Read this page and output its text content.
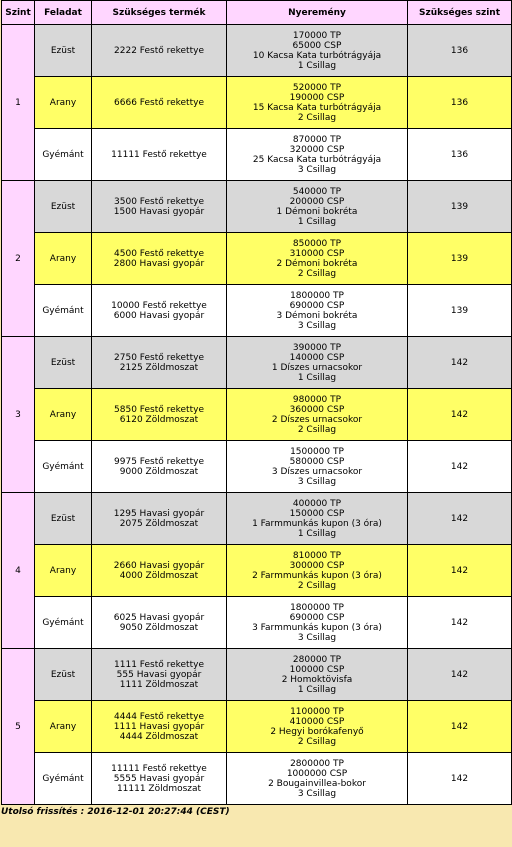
Szint	Feladat	Szükséges termék	Nyeremény	Szükséges szint
1	Ezüst	2222 Festő rekettye	170000 TP
65000 CSP
10 Kacsa Kata turbótrágyája
1 Csillag	136
	Arany	6666 Festő rekettye	520000 TP
190000 CSP
15 Kacsa Kata turbótrágyája
2 Csillag	136
	Gyémánt	11111 Festő rekettye	870000 TP
320000 CSP
25 Kacsa Kata turbótrágyája
3 Csillag	136
2	Ezüst	3500 Festő rekettye
1500 Havasi gyopár	540000 TP
200000 CSP
1 Démoni bokréta
1 Csillag	139
	Arany	4500 Festő rekettye
2800 Havasi gyopár	850000 TP
310000 CSP
2 Démoni bokréta
2 Csillag	139
	Gyémánt	10000 Festő rekettye
6000 Havasi gyopár	1800000 TP
690000 CSP
3 Démoni bokréta
3 Csillag	139
3	Ezüst	2750 Festő rekettye
2125 Zöldmoszat	390000 TP
140000 CSP
1 Díszes urnacsokor
1 Csillag	142
	Arany	5850 Festő rekettye
6120 Zöldmoszat	980000 TP
360000 CSP
2 Díszes urnacsokor
2 Csillag	142
	Gyémánt	9975 Festő rekettye
9000 Zöldmoszat	1500000 TP
580000 CSP
3 Díszes urnacsokor
3 Csillag	142
4	Ezüst	1295 Havasi gyopár
2075 Zöldmoszat	400000 TP
150000 CSP
1 Farmmunkás kupon (3 óra)
1 Csillag	142
	Arany	2660 Havasi gyopár
4000 Zöldmoszat	810000 TP
300000 CSP
2 Farmmunkás kupon (3 óra)
2 Csillag	142
	Gyémánt	6025 Havasi gyopár
9050 Zöldmoszat	1800000 TP
690000 CSP
3 Farmmunkás kupon (3 óra)
3 Csillag	142
5	Ezüst	1111 Festő rekettye
555 Havasi gyopár
1111 Zöldmoszat	280000 TP
100000 CSP
2 Homoktövisfa
1 Csillag	142
	Arany	4444 Festő rekettye
1111 Havasi gyopár
4444 Zöldmoszat	1100000 TP
410000 CSP
2 Hegyi borókafenyő
2 Csillag	142
	Gyémánt	11111 Festő rekettye
5555 Havasi gyopár
11111 Zöldmoszat	2800000 TP
1000000 CSP
2 Bougainvillea-bokor
3 Csillag	142
Utolsó frissítés : 2016-12-01 20:27:44 (CEST)
